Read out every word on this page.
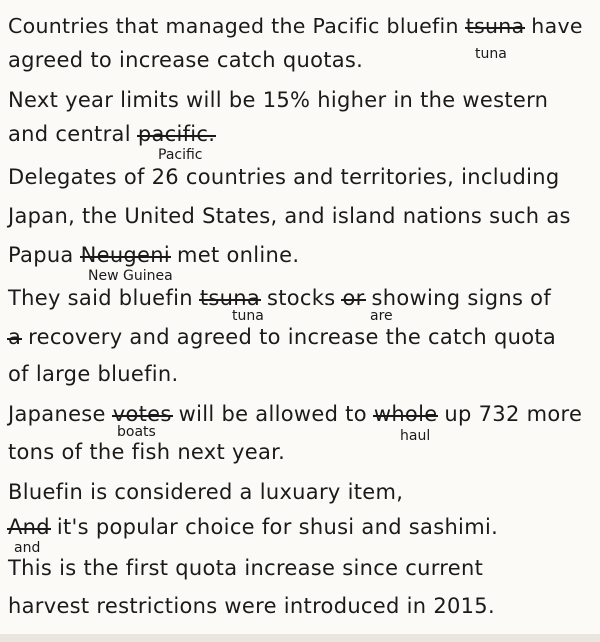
Countries that managed the Pacific bluefin tsuna have
tuna
agreed to increase catch quotas.
Next year limits will be 15% higher in the western
and central pacific.
Pacific
Delegates of 26 countries and territories, including
Japan, the United States, and island nations such as
Papua Neugeni met online.
New Guinea
They said bluefin tsuna stocks or showing signs of
tuna	are
a recovery and agreed to increase the catch quota
of large bluefin.
Japanese votes will be allowed to whole up 732 more
boats	haul
tons of the fish next year.
Bluefin is considered a luxuary item,
And it's popular choice for shusi and sashimi.
and
This is the first quota increase since current
harvest restrictions were introduced in 2015.
